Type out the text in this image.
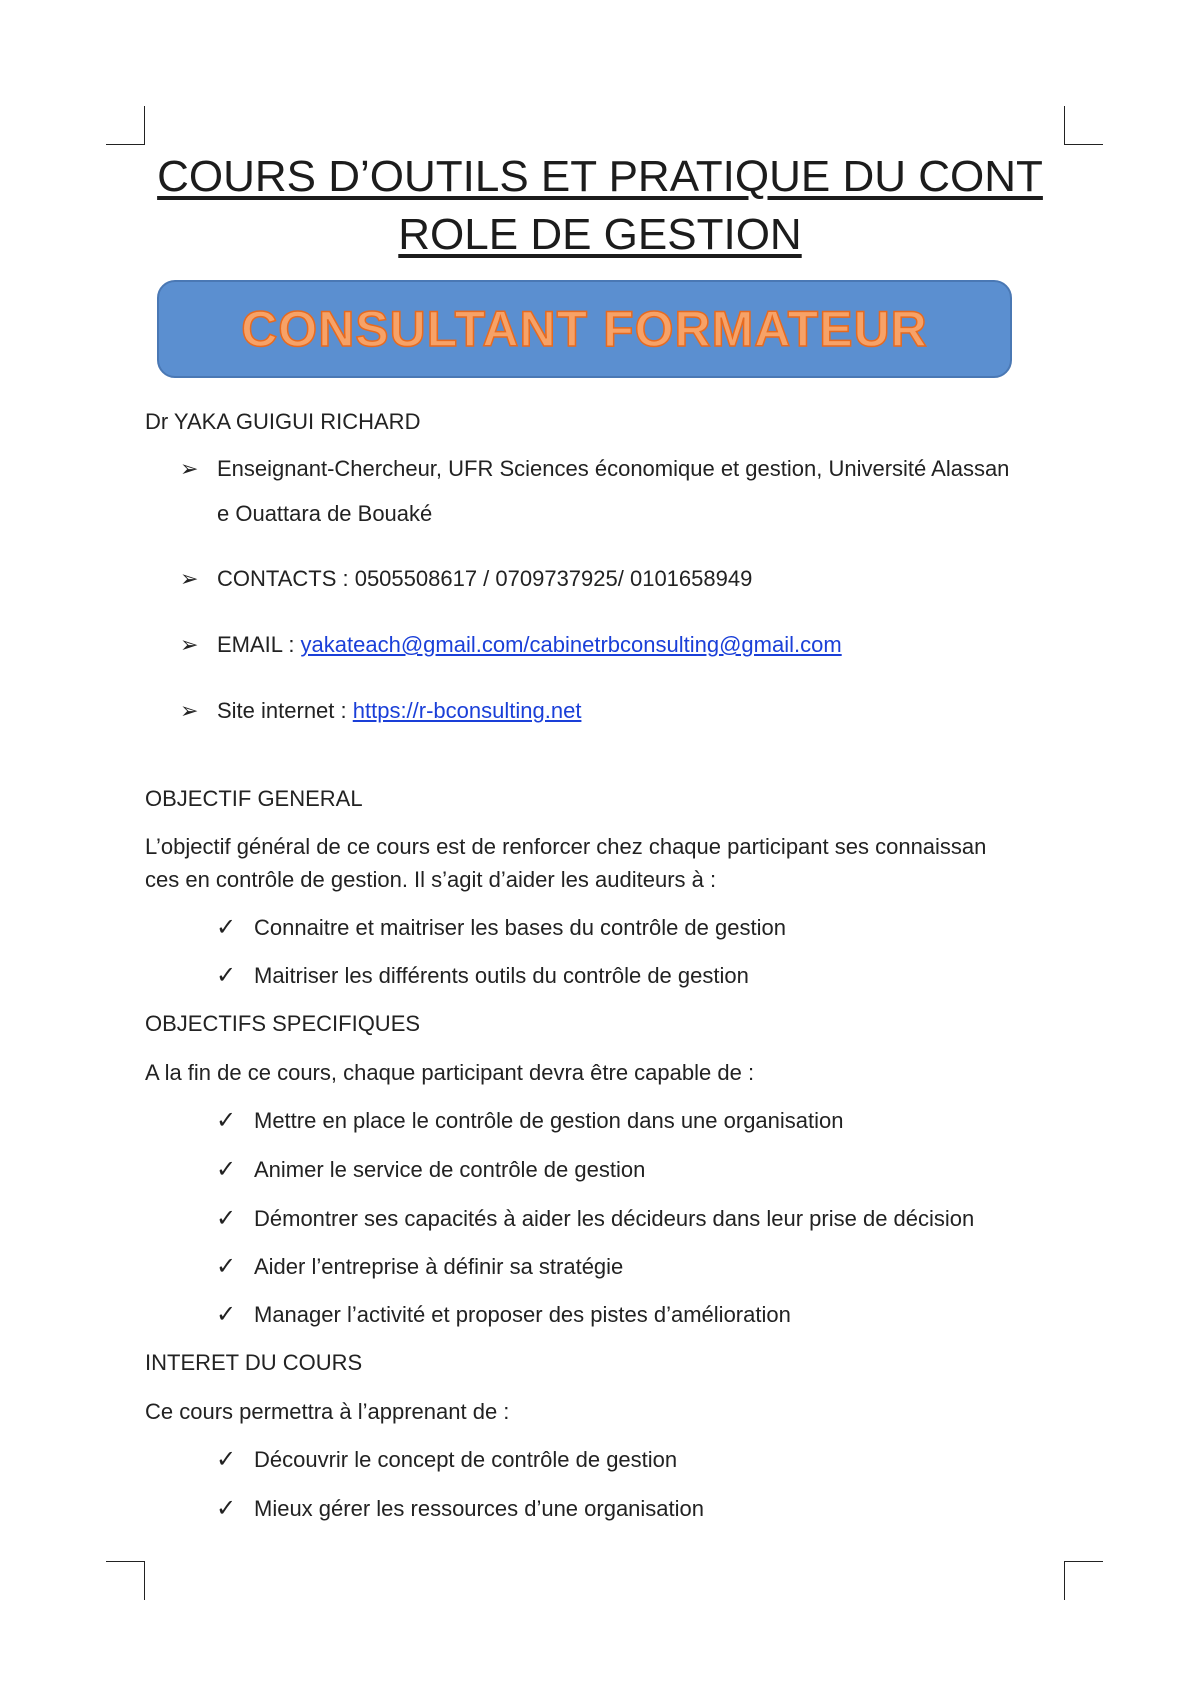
COURS D’OUTILS ET PRATIQUE DU CONT
ROLE DE GESTION
CONSULTANT FORMATEUR
Dr YAKA GUIGUI RICHARD
➢ Enseignant-Chercheur, UFR Sciences économique et gestion, Université Alassan
e Ouattara de Bouaké
➢ CONTACTS : 0505508617 / 0709737925/ 0101658949
➢ EMAIL : yakateach@gmail.com/cabinetrbconsulting@gmail.com
➢ Site internet : https://r-bconsulting.net
OBJECTIF GENERAL
L’objectif général de ce cours est de renforcer chez chaque participant ses connaissan
ces en contrôle de gestion. Il s’agit d’aider les auditeurs à :
✓ Connaitre et maitriser les bases du contrôle de gestion
✓ Maitriser les différents outils du contrôle de gestion
OBJECTIFS SPECIFIQUES
A la fin de ce cours, chaque participant devra être capable de :
✓ Mettre en place le contrôle de gestion dans une organisation
✓ Animer le service de contrôle de gestion
✓ Démontrer ses capacités à aider les décideurs dans leur prise de décision
✓ Aider l’entreprise à définir sa stratégie
✓ Manager l’activité et proposer des pistes d’amélioration
INTERET DU COURS
Ce cours permettra à l’apprenant de :
✓ Découvrir le concept de contrôle de gestion
✓ Mieux gérer les ressources d’une organisation
